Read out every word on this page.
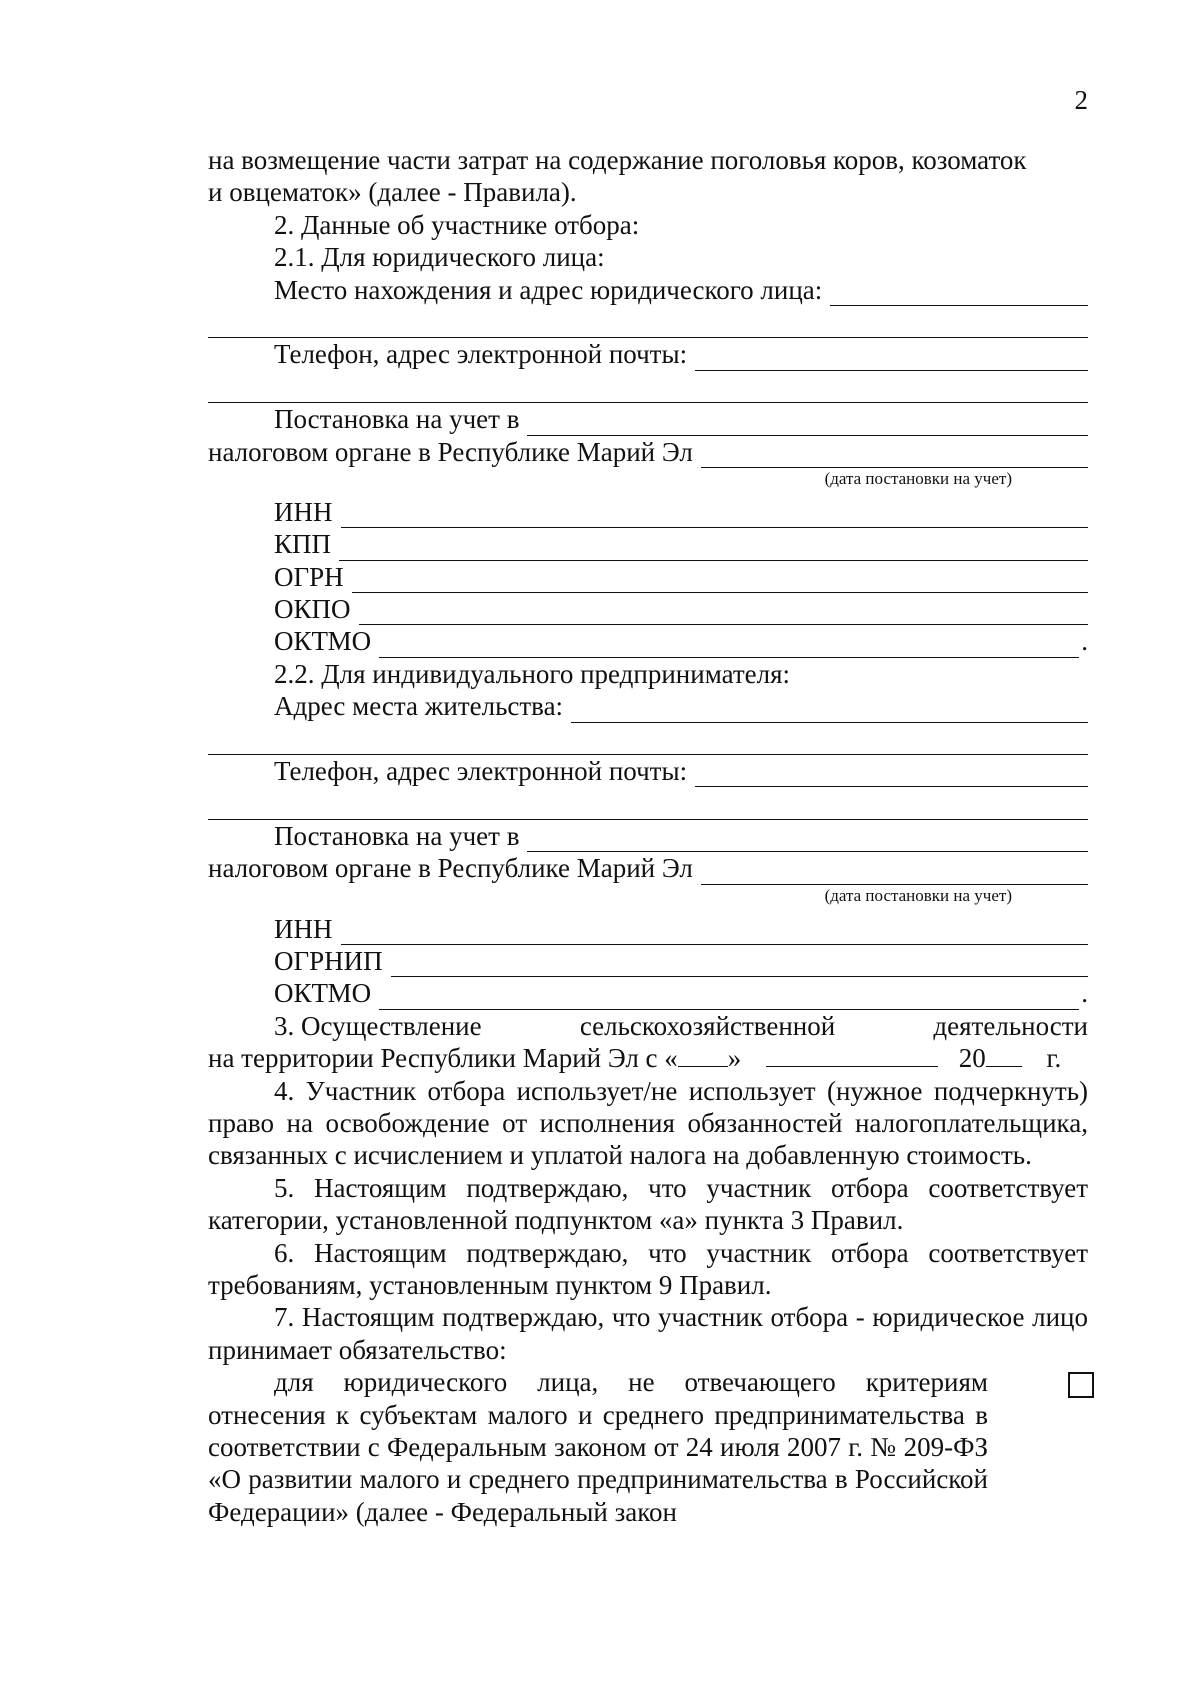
2
на возмещение части затрат на содержание поголовья коров, козоматок
и овцематок» (далее - Правила).
2. Данные об участнике отбора:
2.1. Для юридического лица:
Место нахождения и адрес юридического лица:
Телефон, адрес электронной почты:
Постановка на учет в
налоговом органе в Республике Марий Эл
(дата постановки на учет)
ИНН
КПП
ОГРН
ОКПО
ОКТМО	.
2.2. Для индивидуального предпринимателя:
Адрес места жительства:
Телефон, адрес электронной почты:
Постановка на учет в
налоговом органе в Республике Марий Эл
(дата постановки на учет)
ИНН
ОГРНИП
ОКТМО	.
3. Осуществление	сельскохозяйственной	деятельности
на территории Республики Марий Эл с « »	20 г.
4. Участник отбора использует/не использует (нужное подчеркнуть) право на освобождение от исполнения обязанностей налогоплательщика, связанных с исчислением и уплатой налога на добавленную стоимость.
5. Настоящим подтверждаю, что участник отбора соответствует категории, установленной подпунктом «а» пункта 3 Правил.
6. Настоящим подтверждаю, что участник отбора соответствует требованиям, установленным пунктом 9 Правил.
7. Настоящим подтверждаю, что участник отбора - юридическое лицо принимает обязательство:
для юридического лица, не отвечающего критериям отнесения к субъектам малого и среднего предпринимательства в соответствии с Федеральным законом от 24 июля 2007 г. № 209-ФЗ «О развитии малого и среднего предпринимательства в Российской Федерации» (далее - Федеральный закон
